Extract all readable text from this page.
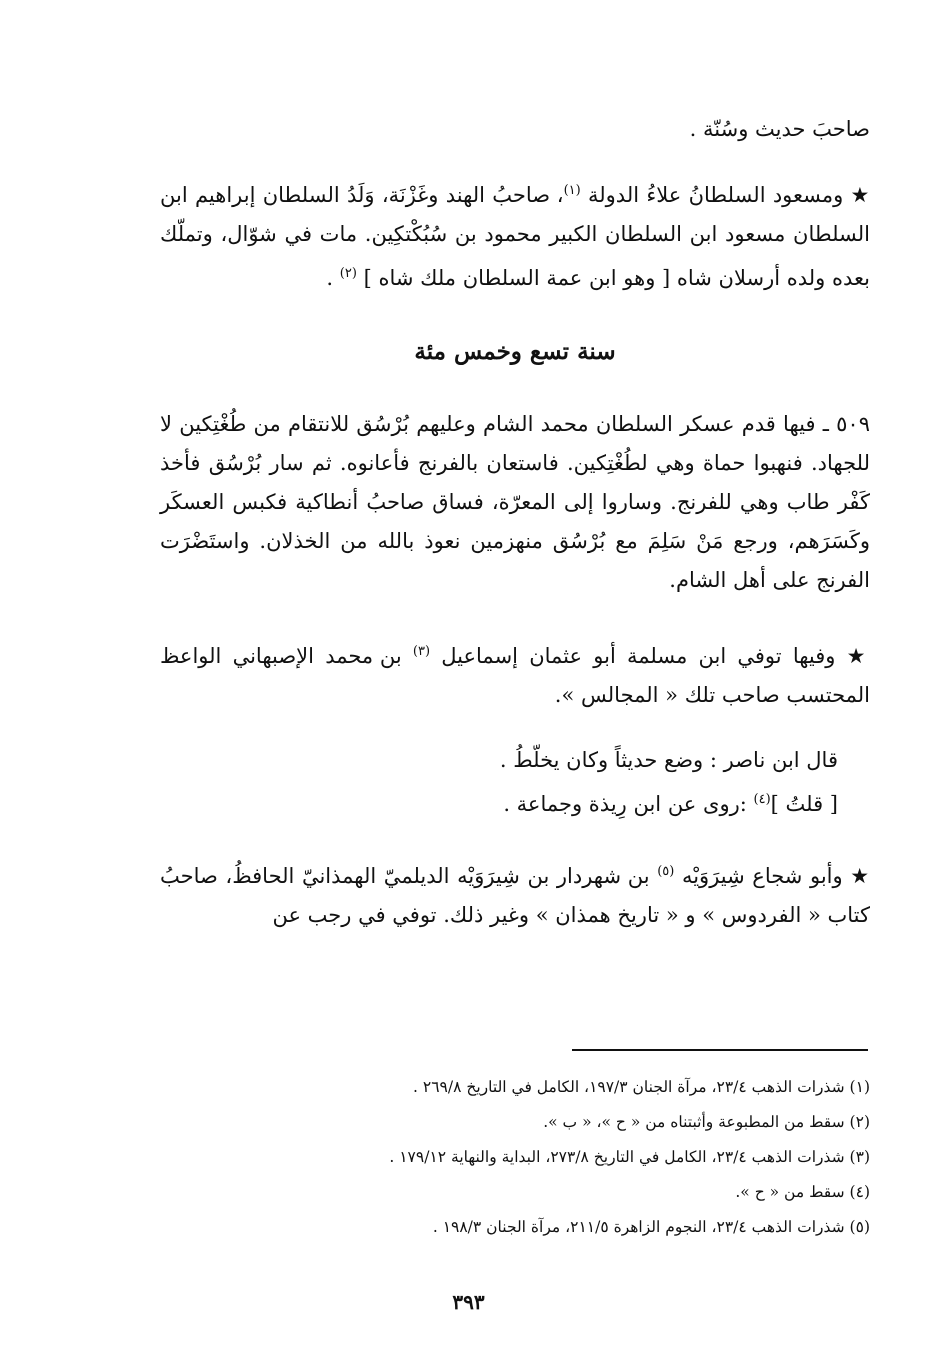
صاحبَ حديث وسُنّة .

★ ومسعود السلطانُ علاءُ الدولة $^{(١)}$، صاحبُ الهند وغَزْنَة، وَلَدُ السلطان إبراهيم ابن السلطان مسعود ابن السلطان الكبير محمود بن سُبُكْتكِين. مات في شوّال، وتملّك بعده ولده أرسلان شاه [ وهو ابن عمة السلطان ملك شاه ] $^{(٢)}$ .

سنة تسع وخمس مئة

٥٠٩ ـ فيها قدم عسكر السلطان محمد الشام وعليهم بُرْسُق للانتقام من طُغْتِكين لا للجهاد. فنهبوا حماة وهي لطُغْتِكين. فاستعان بالفرنج فأعانوه. ثم سار بُرْسُق فأخذ كَفْر طاب وهي للفرنج. وساروا إلى المعرّة، فساق صاحبُ أنطاكية فكبس العسكَر وكَسَرَهم، ورجع مَنْ سَلِمَ مع بُرْسُق منهزمين نعوذ بالله من الخذلان. واستَضْرَت الفرنج على أهل الشام.

★ وفيها توفي ابن مسلمة أبو عثمان إسماعيل $^{(٣)}$ بن محمد الإصبهاني الواعظ المحتسب صاحب تلك « المجالس ».

قال ابن ناصر : وضع حديثاً وكان يخلّطُ .

[ قلتُ ]$^{(٤)}$ :روى عن ابن رِيذة وجماعة .

★ وأبو شجاع شِيرَوَيْه $^{(٥)}$ بن شهردار بن شِيرَوَيْه الديلميّ الهمذانيّ الحافظُ، صاحبُ كتاب « الفردوس » و « تاريخ همذان » وغير ذلك. توفي في رجب عن

(١) شذرات الذهب ٢٣/٤، مرآة الجنان ١٩٧/٣، الكامل في التاريخ ٢٦٩/٨ .
(٢) سقط من المطبوعة وأثبتناه من « ح »، « ب ».
(٣) شذرات الذهب ٢٣/٤، الكامل في التاريخ ٢٧٣/٨، البداية والنهاية ١٧٩/١٢ .
(٤) سقط من « ح ».
(٥) شذرات الذهب ٢٣/٤، النجوم الزاهرة ٢١١/٥، مرآة الجنان ١٩٨/٣ .
٣٩٣
